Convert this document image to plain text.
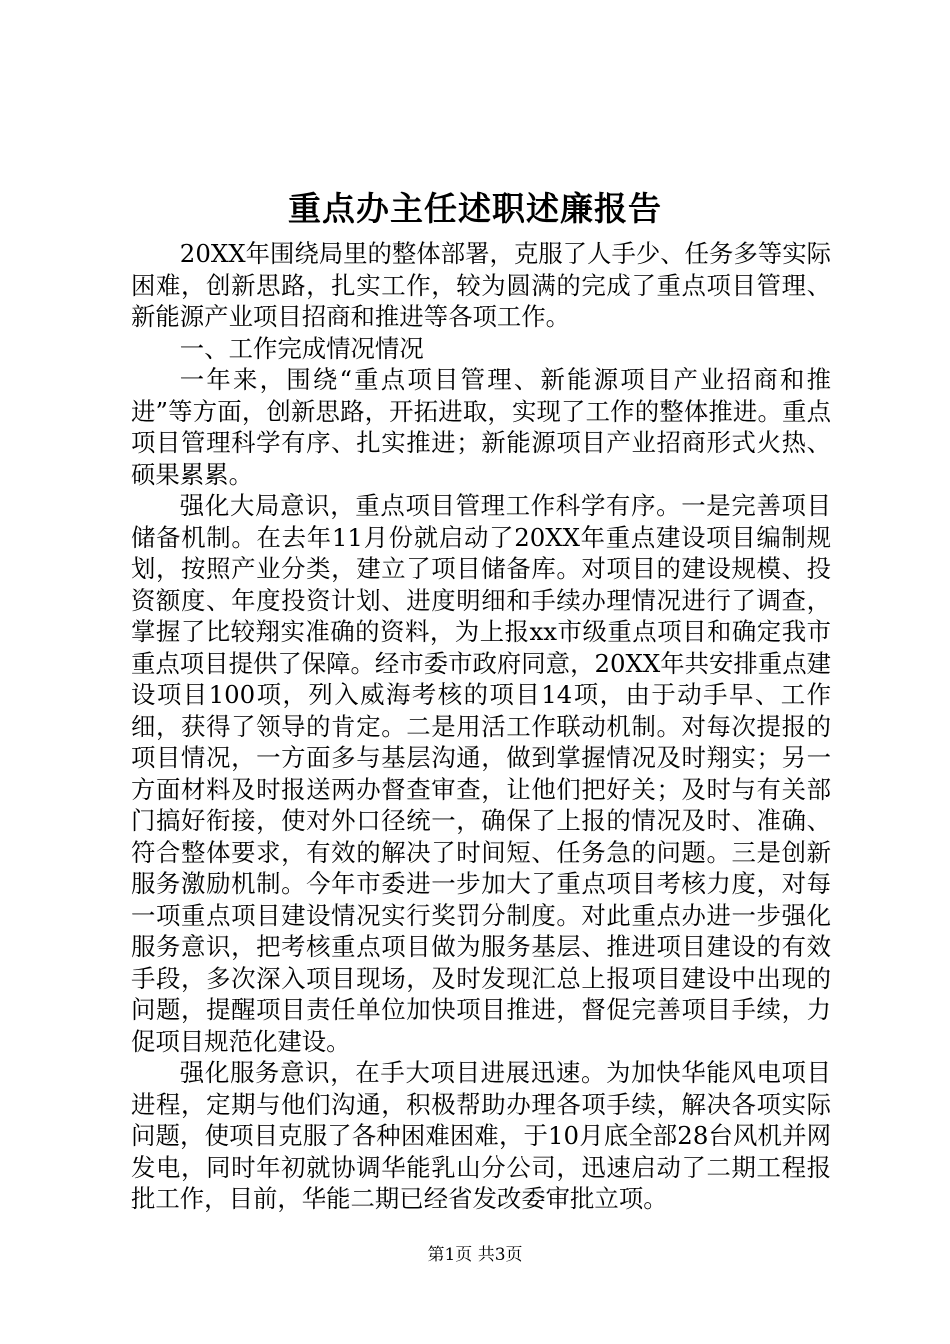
重点办主任述职述廉报告

20XX年围绕局里的整体部署，克服了人手少、任务多等实际困难，创新思路，扎实工作，较为圆满的完成了重点项目管理、新能源产业项目招商和推进等各项工作。

一、工作完成情况情况

一年来，围绕“重点项目管理、新能源项目产业招商和推进”等方面，创新思路，开拓进取，实现了工作的整体推进。重点项目管理科学有序、扎实推进；新能源项目产业招商形式火热、硕果累累。

强化大局意识，重点项目管理工作科学有序。一是完善项目储备机制。在去年11月份就启动了20XX年重点建设项目编制规划，按照产业分类，建立了项目储备库。对项目的建设规模、投资额度、年度投资计划、进度明细和手续办理情况进行了调查，掌握了比较翔实准确的资料，为上报xx市级重点项目和确定我市重点项目提供了保障。经市委市政府同意，20XX年共安排重点建设项目100项，列入威海考核的项目14项，由于动手早、工作细，获得了领导的肯定。二是用活工作联动机制。对每次提报的项目情况，一方面多与基层沟通，做到掌握情况及时翔实；另一方面材料及时报送两办督查审查，让他们把好关；及时与有关部门搞好衔接，使对外口径统一，确保了上报的情况及时、准确、符合整体要求，有效的解决了时间短、任务急的问题。三是创新服务激励机制。今年市委进一步加大了重点项目考核力度，对每一项重点项目建设情况实行奖罚分制度。对此重点办进一步强化服务意识，把考核重点项目做为服务基层、推进项目建设的有效手段，多次深入项目现场，及时发现汇总上报项目建设中出现的问题，提醒项目责任单位加快项目推进，督促完善项目手续，力促项目规范化建设。

强化服务意识，在手大项目进展迅速。为加快华能风电项目进程，定期与他们沟通，积极帮助办理各项手续，解决各项实际问题，使项目克服了各种困难困难，于10月底全部28台风机并网发电，同时年初就协调华能乳山分公司，迅速启动了二期工程报批工作，目前，华能二期已经省发改委审批立项。

第1页 共3页
